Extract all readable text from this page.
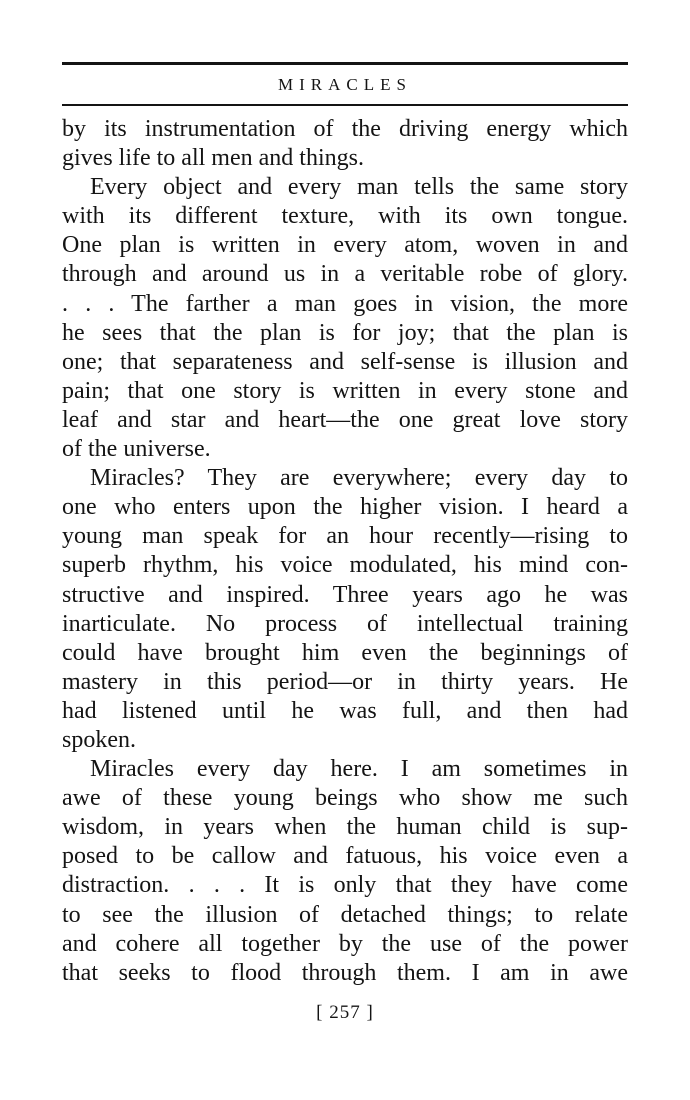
MIRACLES
by its instrumentation of the driving energy which
gives life to all men and things.
Every object and every man tells the same story
with its different texture, with its own tongue.
One plan is written in every atom, woven in and
through and around us in a veritable robe of glory.
. . . The farther a man goes in vision, the more
he sees that the plan is for joy; that the plan is
one; that separateness and self-sense is illusion and
pain; that one story is written in every stone and
leaf and star and heart—the one great love story
of the universe.
Miracles? They are everywhere; every day to
one who enters upon the higher vision. I heard a
young man speak for an hour recently—rising to
superb rhythm, his voice modulated, his mind con-
structive and inspired. Three years ago he was
inarticulate. No process of intellectual training
could have brought him even the beginnings of
mastery in this period—or in thirty years. He
had listened until he was full, and then had
spoken.
Miracles every day here. I am sometimes in
awe of these young beings who show me such
wisdom, in years when the human child is sup-
posed to be callow and fatuous, his voice even a
distraction. . . . It is only that they have come
to see the illusion of detached things; to relate
and cohere all together by the use of the power
that seeks to flood through them. I am in awe
[ 257 ]
